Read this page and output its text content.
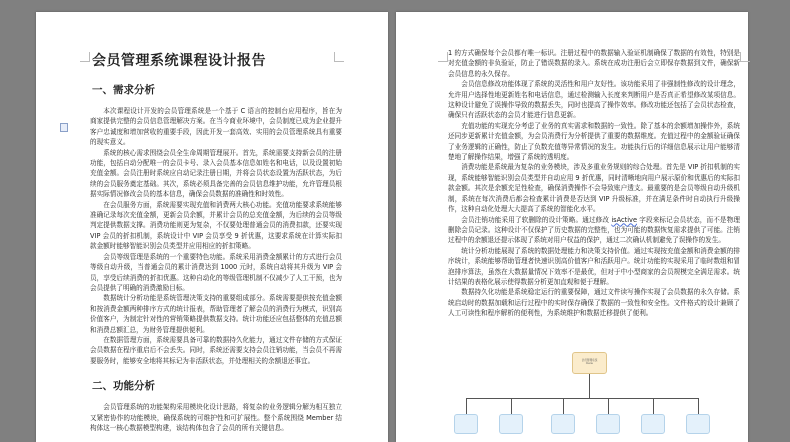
会员管理系统课程设计报告
一、需求分析

本次课程设计开发的会员管理系统是一个基于 C 语言的控制台应用程序，旨在为商家提供完整的会员信息管理解决方案。在当今商业环境中，会员制度已成为企业提升客户忠诚度和增加营收的重要手段，因此开发一套高效、实用的会员管理系统具有重要的现实意义。

系统的核心需求围绕会员全生命周期管理展开。首先，系统需要支持新会员的注册功能，包括自动分配唯一的会员卡号、录入会员基本信息如姓名和电话，以及设置初始充值金额。会员注册时系统应自动记录注册日期，并将会员状态设置为活跃状态，为后续的会员服务奠定基础。其次，系统必须具备完善的会员信息维护功能，允许管理员根据实际情况修改会员的基本信息，确保会员数据的准确性和时效性。

在会员服务方面，系统需要实现充值和消费两大核心功能。充值功能要求系统能够准确记录每次充值金额，更新会员余额，并累计会员的总充值金额，为后续的会员等级判定提供数据支撑。消费功能则更为复杂，不仅要处理普通会员的消费扣款，还要实现 VIP 会员的折扣机制，系统设计中 VIP 会员享受 9 折优惠，这要求系统在计算实际扣款金额时能够智能识别会员类型并应用相应的折扣策略。

会员等级管理是系统的一个重要特色功能。系统采用消费金额累计的方式进行会员等级自动升级，当普通会员的累计消费达到 1000 元时，系统自动将其升级为 VIP 会员，享受后续消费的折扣优惠。这种自动化的等级管理机制不仅减少了人工干预，也为会员提供了明确的消费激励目标。

数据统计分析功能是系统管理决策支持的重要组成部分。系统需要提供按充值金额和按消费金额两种排序方式的统计报表，帮助管理者了解会员的消费行为模式，识别高价值客户，为制定针对性的营销策略提供数据支持。统计功能还应包括整体的充值总额和消费总额汇总，为财务管理提供便利。

在数据管理方面，系统需要具备可靠的数据持久化能力，通过文件存储的方式保证会员数据在程序重启后不会丢失。同时，系统还需要支持会员注销功能，当会员不再需要服务时，能够安全地将其标记为非活跃状态，并处理相关的余额退还事宜。

二、功能分析

会员管理系统的功能架构采用模块化设计思路，将复杂的业务逻辑分解为相互独立又紧密协作的功能模块，确保系统的可维护性和可扩展性。整个系统围绕 Member 结构体这一核心数据模型构建，该结构体包含了会员的所有关键信息。

1 的方式确保每个会员都有唯一标识。注册过程中的数据输入验证机制确保了数据的有效性，特别是对充值金额的非负验证，防止了错误数据的录入。系统在成功注册后会立即保存数据到文件，确保新会员信息的永久保存。

会员信息修改功能体现了系统的灵活性和用户友好性。该功能采用了非强制性修改的设计理念，允许用户选择性地更新姓名和电话信息，通过检测输入长度来判断用户是否真正希望修改某项信息。这种设计避免了误操作导致的数据丢失，同时也提高了操作效率。修改功能还包括了会员状态检查，确保只有活跃状态的会员才能进行信息更新。

充值功能的实现充分考虑了业务的真实需求和数据的一致性。除了基本的余额增加操作外，系统还同步更新累计充值金额，为会员消费行为分析提供了重要的数据维度。充值过程中的金额验证确保了业务逻辑的正确性，防止了负数充值等异常情况的发生。功能执行后的详细信息展示让用户能够清楚地了解操作结果，增强了系统的透明度。

消费功能是系统最为复杂的业务模块，涉及多重业务规则的综合处理。首先是 VIP 折扣机制的实现，系统能够智能识别会员类型并自动应用 9 折优惠，同时清晰地向用户展示原价和优惠后的实际扣款金额。其次是余额充足性检查，确保消费操作不会导致账户透支。最重要的是会员等级自动升级机制，系统在每次消费后都会检查累计消费是否达到 VIP 升级标准，并在满足条件时自动执行升级操作，这种自动化处理大大提高了系统的智能化水平。

会员注销功能采用了软删除的设计策略。通过修改 isActive 字段来标记会员状态，而不是物理删除会员记录。这种设计不仅保护了历史数据的完整性，也为可能的数据恢复需求提供了可能。注销过程中的余额退还提示体现了系统对用户权益的保护，通过二次确认机制避免了误操作的发生。

统计分析功能展现了系统的数据处理能力和决策支持价值。通过实现按充值金额和消费金额的排序统计，系统能够帮助管理者快速识别高价值客户和活跃用户。统计功能的实现采用了临时数组和冒泡排序算法，虽然在大数据量情况下效率不是最优，但对于中小型商家的会员规模完全满足需求。统计结果的表格化展示使得数据分析更加直观和便于理解。

数据持久化功能是系统稳定运行的重要保障，通过文件读写操作实现了会员数据的永久存储。系统启动时的数据加载和运行过程中的实时保存确保了数据的一致性和安全性。文件格式的设计兼顾了人工可读性和程序解析的便利性，为系统维护和数据迁移提供了便利。

会员管理系统
menu
